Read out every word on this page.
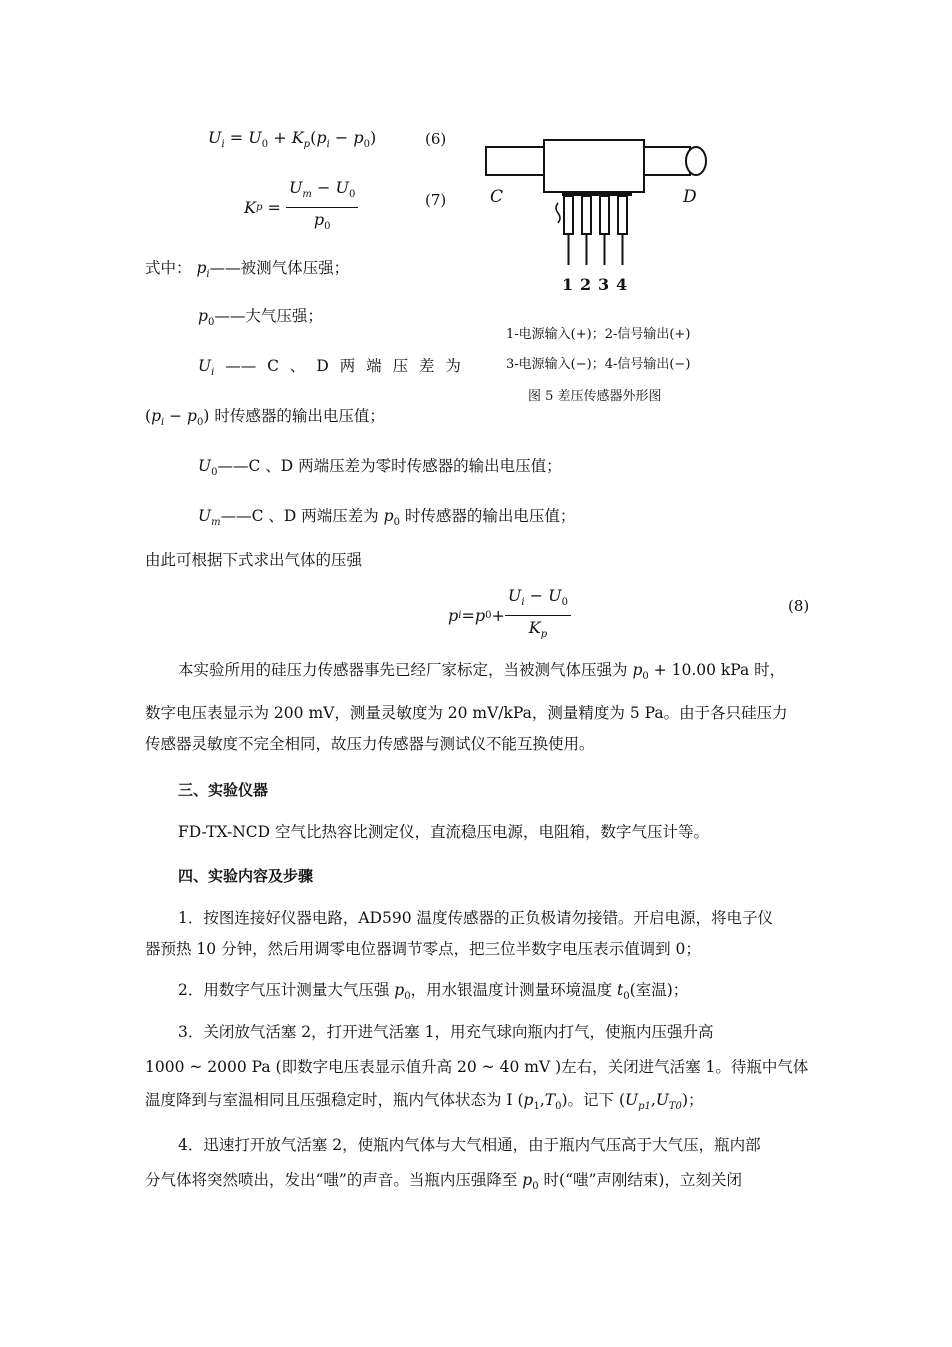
$U_i = U_0 + K_p(p_i - p_0)$	(6)
K $p = \frac{U_m - U_0}{p_0}$	(7)
式中： $p_i——$被测气体压强；
$p_0——$大气压强；
$U_i$ —— C 、 D 两 端 压 差 为
$(p_i - p_0)$ 时传感器的输出电压值；
$U_0——C$ 、D 两端压差为零时传感器的输出电压值；
$U_m——C$ 、D 两端压差为 $p_0$ 时传感器的输出电压值；
由此可根据下式求出气体的压强
p i = p $0 + \frac{U_i - U_0}{K_p}$	(8)
本实验所用的硅压力传感器事先已经厂家标定，当被测气体压强为 $p_0 + 10.00$ kPa 时，
数字电压表显示为 200 mV，测量灵敏度为 20 mV/kPa，测量精度为 5 Pa。由于各只硅压力
传感器灵敏度不完全相同，故压力传感器与测试仪不能互换使用。
三、实验仪器
FD-TX-NCD 空气比热容比测定仪，直流稳压电源，电阻箱，数字气压计等。
四、实验内容及步骤
1．按图连接好仪器电路，AD590 温度传感器的正负极请勿接错。开启电源，将电子仪
器预热 10 分钟，然后用调零电位器调节零点，把三位半数字电压表示值调到 0；
2．用数字气压计测量大气压强 $p_0$，用水银温度计测量环境温度 $t_0$(室温)；
3．关闭放气活塞 2，打开进气活塞 1，用充气球向瓶内打气，使瓶内压强升高
1000 ~ 2000 Pa (即数字电压表显示值升高 20 ~ 40 mV )左右，关闭进气活塞 1。待瓶中气体
温度降到与室温相同且压强稳定时，瓶内气体状态为 I $(p_1,T_0)$。记下 $(U_{p1},U_{T0})$；
4．迅速打开放气活塞 2，使瓶内气体与大气相通，由于瓶内气压高于大气压，瓶内部
分气体将突然喷出，发出“嗤”的声音。当瓶内压强降至 $p_0$ 时(“嗤”声刚结束)，立刻关闭
C	D
1 2 3 4
1-电源输入(+)；2-信号输出(+)
3-电源输入(−)；4-信号输出(−)
图 5 差压传感器外形图
